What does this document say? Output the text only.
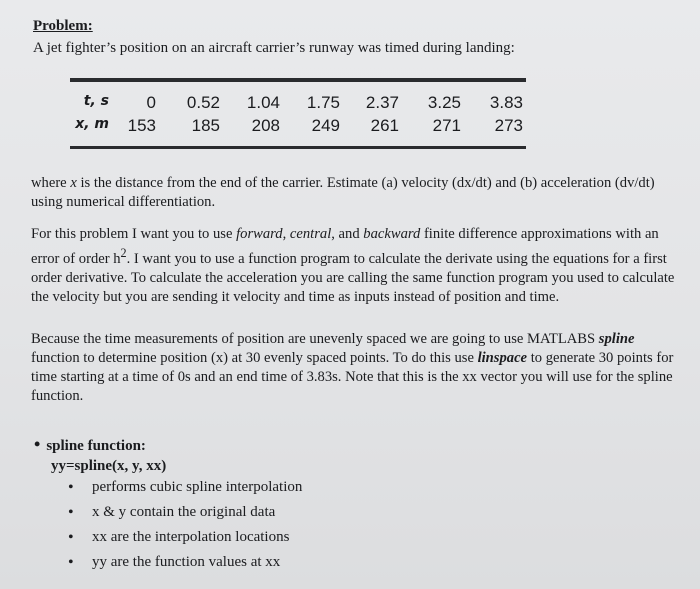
Problem:
A jet fighter’s position on an aircraft carrier’s runway was timed during landing:
t, s	0	0.52	1.04	1.75	2.37	3.25	3.83
x, m	153	185	208	249	261	271	273
where x is the distance from the end of the carrier. Estimate (a) velocity (dx/dt) and (b) acceleration (dv/dt) using numerical differentiation.
For this problem I want you to use forward, central, and backward finite difference approximations with an error of order $h^2$. I want you to use a function program to calculate the derivate using the equations for a first order derivative. To calculate the acceleration you are calling the same function program you used to calculate the velocity but you are sending it velocity and time as inputs instead of position and time.
Because the time measurements of position are unevenly spaced we are going to use MATLABS spline function to determine position (x) at 30 evenly spaced points. To do this use linspace to generate 30 points for time starting at a time of 0s and an end time of 3.83s. Note that this is the xx vector you will use for the spline function.
• spline function:
yy=spline(x, y, xx)
• performs cubic spline interpolation
• x & y contain the original data
• xx are the interpolation locations
• yy are the function values at xx
